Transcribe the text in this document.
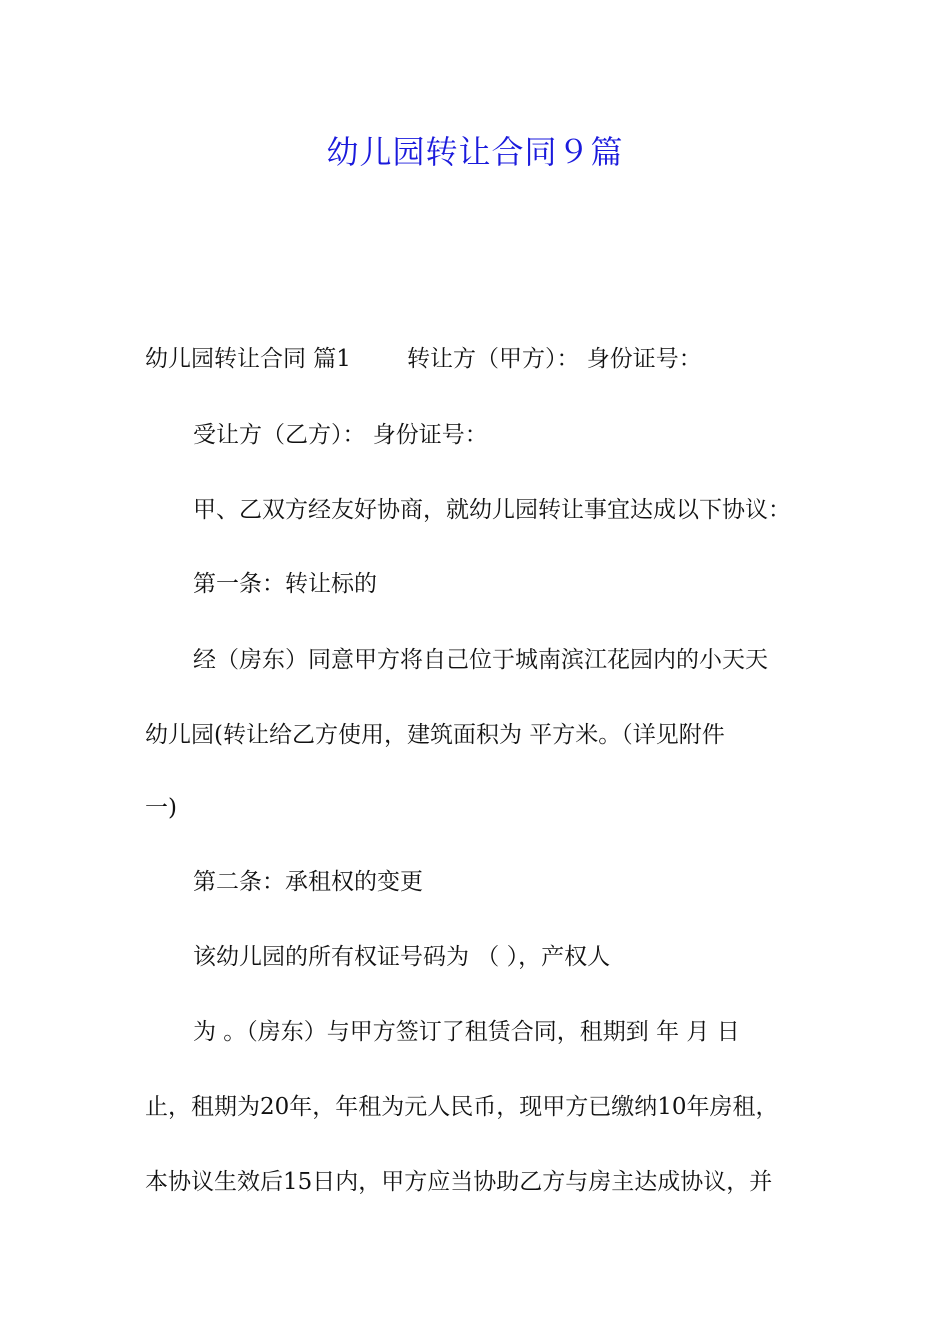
幼儿园转让合同９篇

幼儿园转让合同 篇1 转让方（甲方）： 身份证号：

受让方（乙方）： 身份证号：

甲、乙双方经友好协商，就幼儿园转让事宜达成以下协议：

第一条：转让标的

经（房东）同意甲方将自己位于城南滨江花园内的小天天

幼儿园(转让给乙方使用，建筑面积为 平方米。（详见附件

一)

第二条：承租权的变更

该幼儿园的所有权证号码为 （ ），产权人

为 。（房东）与甲方签订了租赁合同，租期到 年 月 日

止，租期为20年，年租为元人民币，现甲方已缴纳10年房租，

本协议生效后15日内，甲方应当协助乙方与房主达成协议，并
